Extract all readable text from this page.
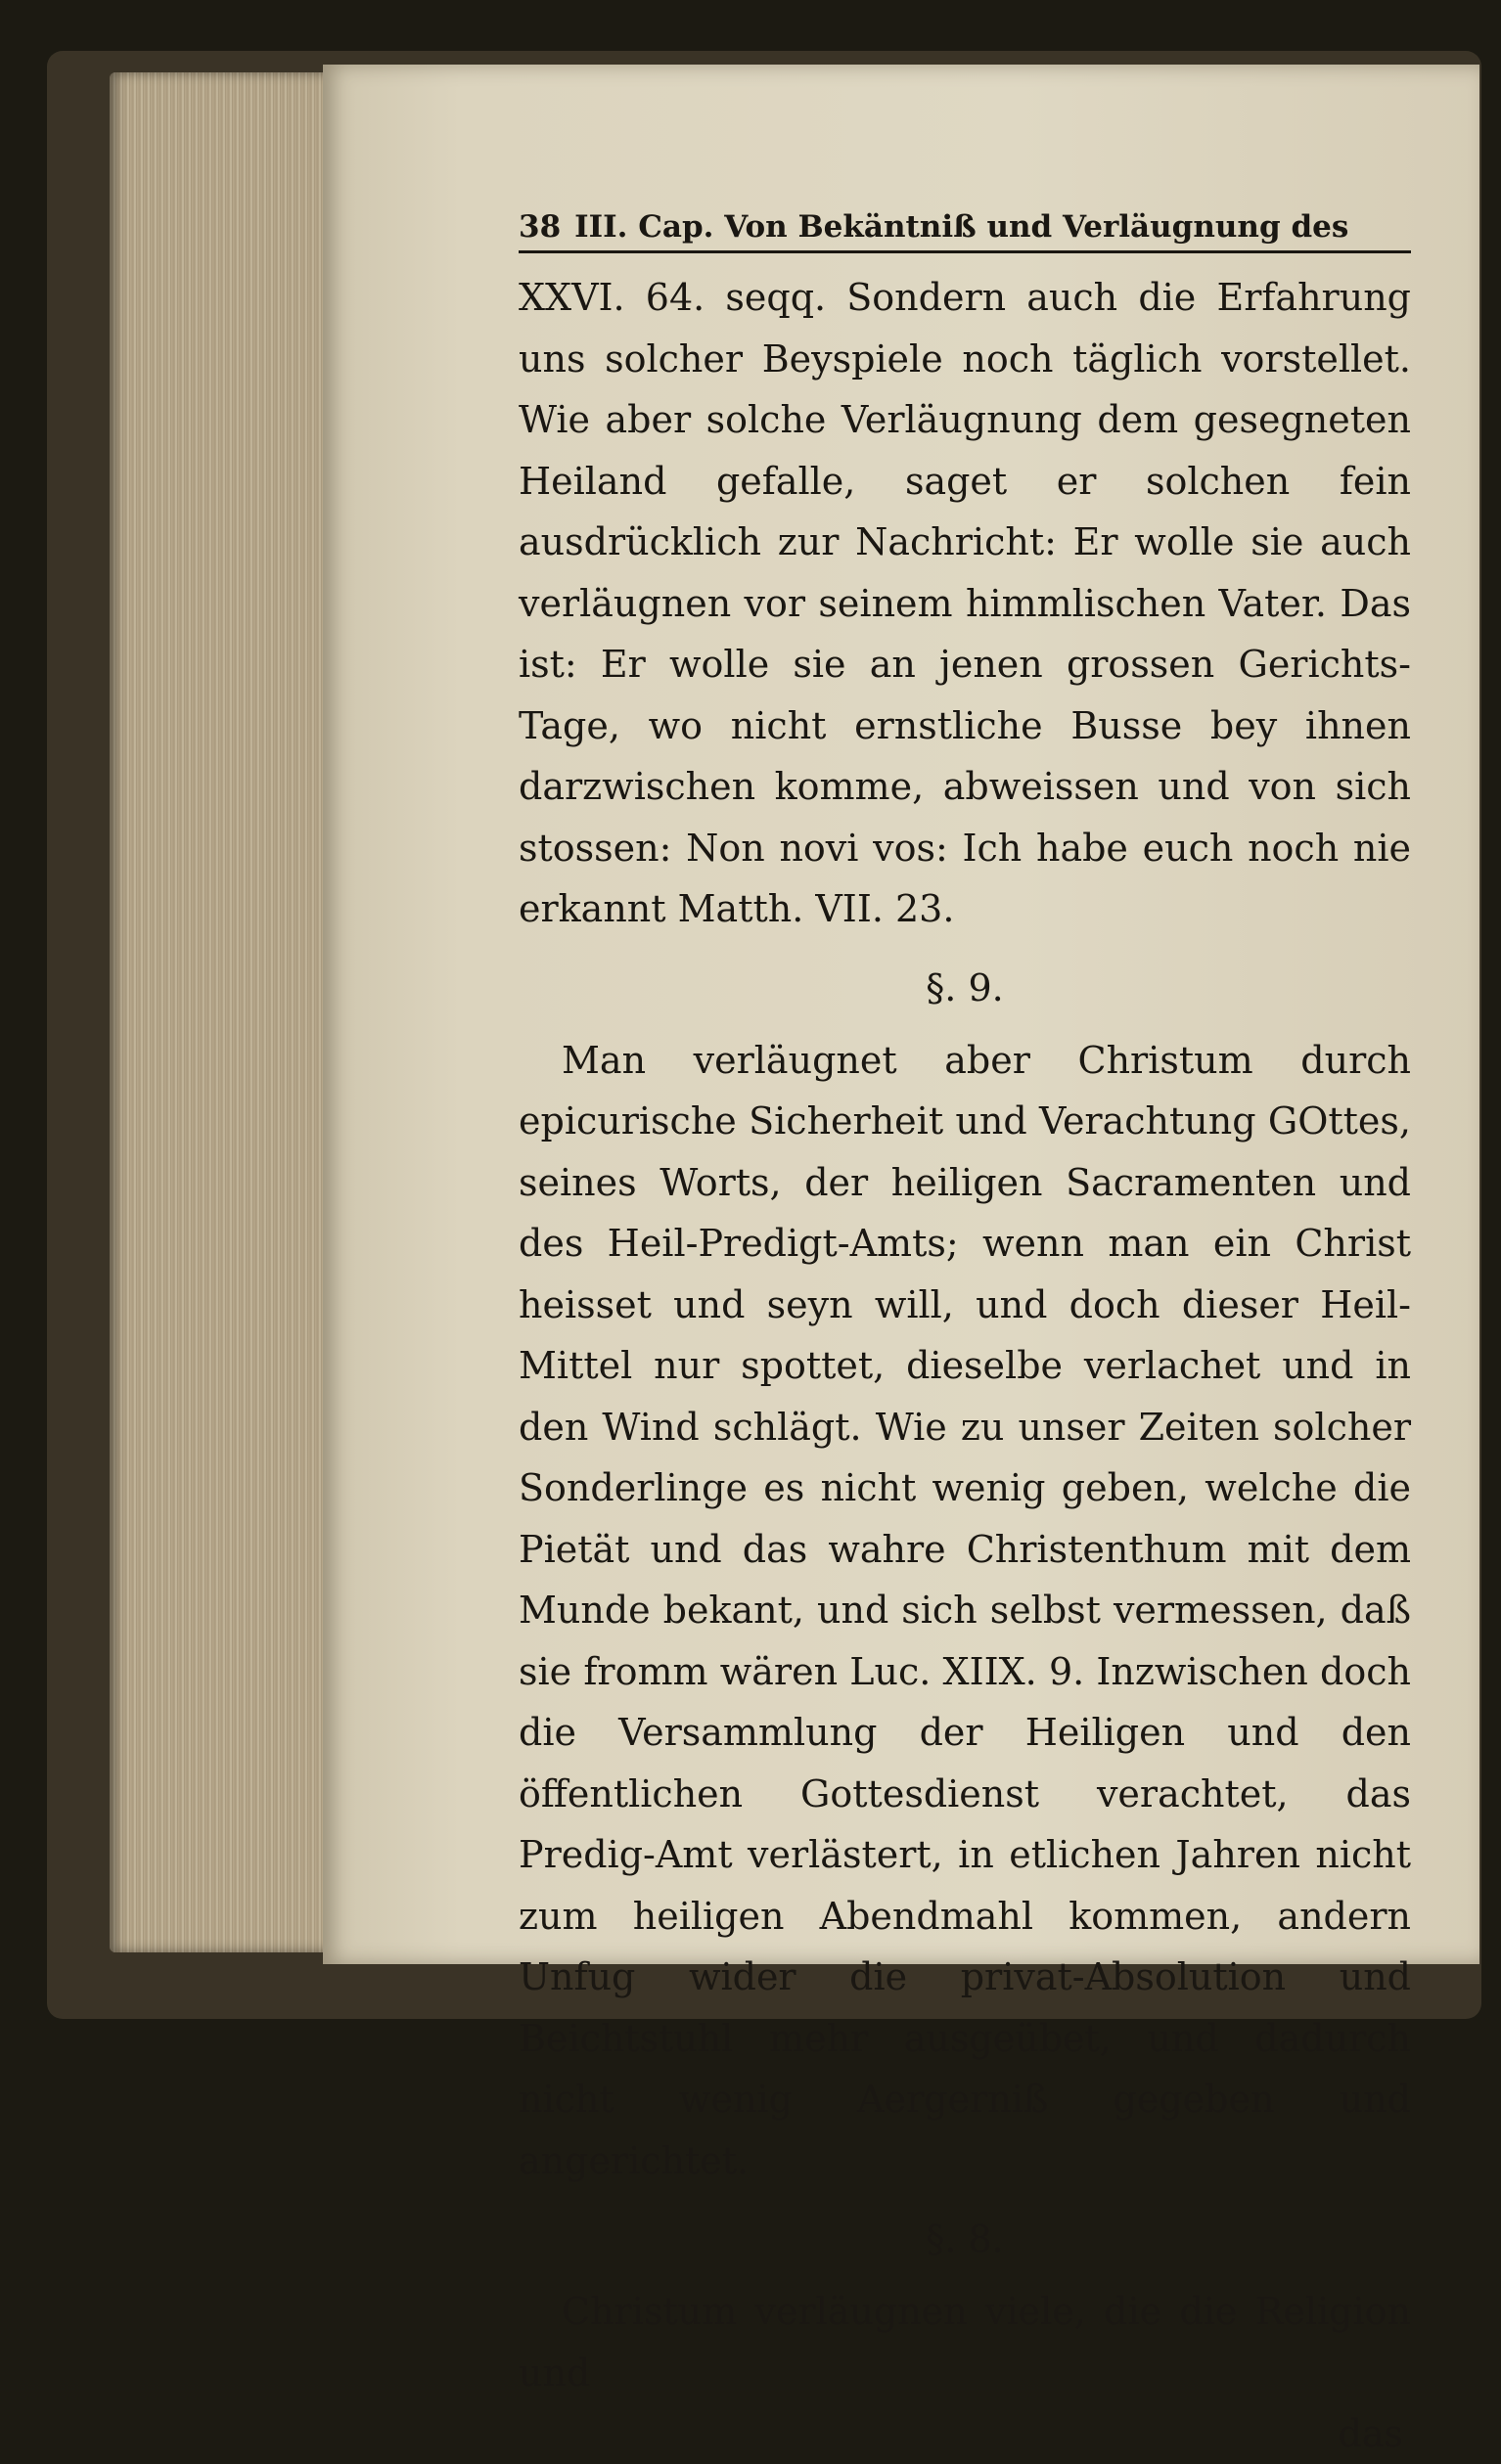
38 III. Cap. Von Bekäntniß und Verläugnung des

XXVI. 64. seqq. Sondern auch die Erfahrung uns solcher Beyspiele noch täglich vorstellet. Wie aber solche Verläugnung dem gesegneten Heiland gefalle, saget er solchen fein ausdrücklich zur Nachricht: Er wolle sie auch verläugnen vor seinem himmlischen Vater. Das ist: Er wolle sie an jenen grossen Gerichts-Tage, wo nicht ernstliche Busse bey ihnen darzwischen komme, abweissen und von sich stossen: Non novi vos: Ich habe euch noch nie erkannt Matth. VII. 23.

§. 9.

Man verläugnet aber Christum durch epicurische Sicherheit und Verachtung GOttes, seines Worts, der heiligen Sacramenten und des Heil-Predigt-Amts; wenn man ein Christ heisset und seyn will, und doch dieser Heil-Mittel nur spottet, dieselbe verlachet und in den Wind schlägt. Wie zu unser Zeiten solcher Sonderlinge es nicht wenig geben, welche die Pietät und das wahre Christenthum mit dem Munde bekant, und sich selbst vermessen, daß sie fromm wären Luc. XIIX. 9. Inzwischen doch die Versammlung der Heiligen und den öffentlichen Gottesdienst verachtet, das Predig-Amt verlästert, in etlichen Jahren nicht zum heiligen Abendmahl kommen, andern Unfug wider die privat-Absolution und Beichtstuhl mehr ausgeübet, und dadurch nicht wenig Aergerniß gegeben und angerichtet.

§. 8.

Christum verläugnen viele, die die Religion und

das
